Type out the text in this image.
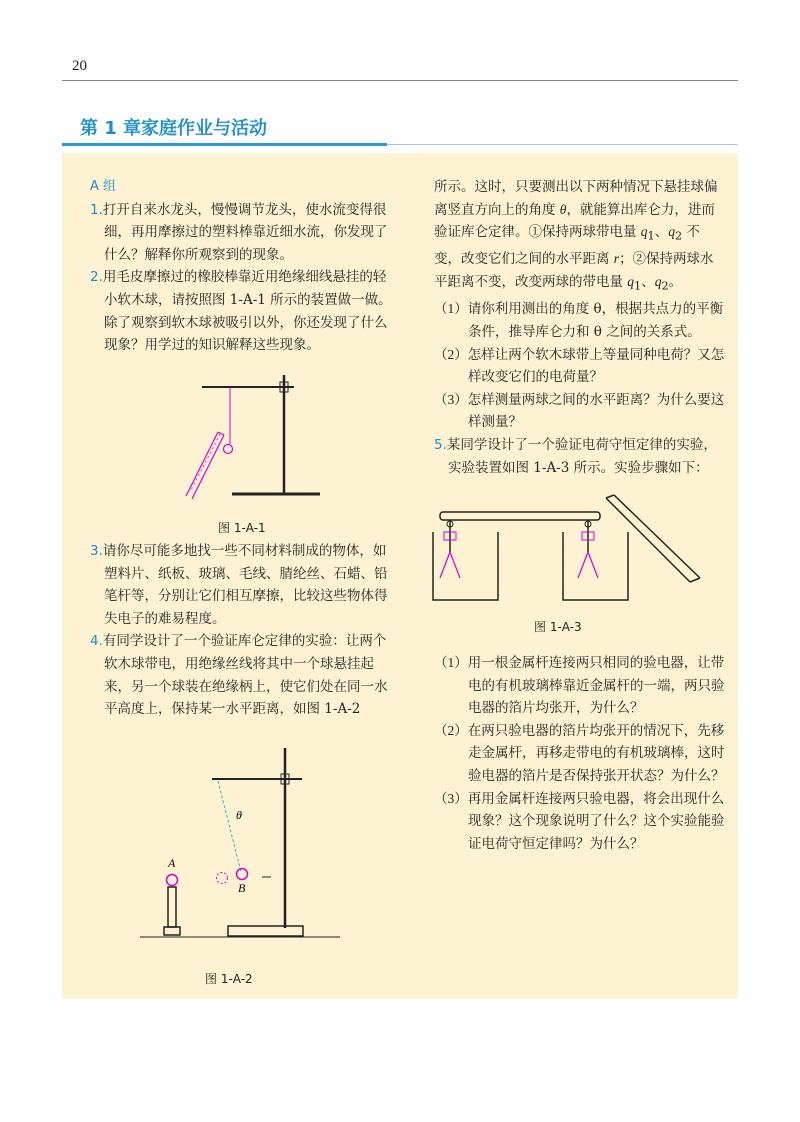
20
第 1 章家庭作业与活动

A 组

1.打开自来水龙头，慢慢调节龙头，使水流变得很细，再用摩擦过的塑料棒靠近细水流，你发现了什么？解释你所观察到的现象。

2.用毛皮摩擦过的橡胶棒靠近用绝缘细线悬挂的轻小软木球，请按照图 1-A-1 所示的装置做一做。除了观察到软木球被吸引以外，你还发现了什么现象？用学过的知识解释这些现象。

3.请你尽可能多地找一些不同材料制成的物体，如塑料片、纸板、玻璃、毛线、腈纶丝、石蜡、铅笔杆等，分别让它们相互摩擦，比较这些物体得失电子的难易程度。

4.有同学设计了一个验证库仑定律的实验：让两个软木球带电，用绝缘丝线将其中一个球悬挂起来，另一个球装在绝缘柄上，使它们处在同一水平高度上，保持某一水平距离，如图 1-A-2

图 1-A-1
θ
A
B
图 1-A-2

所示。这时，只要测出以下两种情况下悬挂球偏离竖直方向上的角度 θ，就能算出库仑力，进而验证库仑定律。①保持两球带电量 $q_1$、$q_2$ 不变，改变它们之间的水平距离 r；②保持两球水平距离不变，改变两球的带电量 $q_1$、$q_2$。

（1）请你利用测出的角度 θ，根据共点力的平衡条件，推导库仑力和 θ 之间的关系式。

（2）怎样让两个软木球带上等量同种电荷？又怎样改变它们的电荷量？

（3）怎样测量两球之间的水平距离？为什么要这样测量？

5.某同学设计了一个验证电荷守恒定律的实验，实验装置如图 1-A-3 所示。实验步骤如下：

图 1-A-3

（1）用一根金属杆连接两只相同的验电器，让带电的有机玻璃棒靠近金属杆的一端，两只验电器的箔片均张开，为什么？

（2）在两只验电器的箔片均张开的情况下，先移走金属杆，再移走带电的有机玻璃棒，这时验电器的箔片是否保持张开状态？为什么？

（3）再用金属杆连接两只验电器，将会出现什么现象？这个现象说明了什么？这个实验能验证电荷守恒定律吗？为什么？
